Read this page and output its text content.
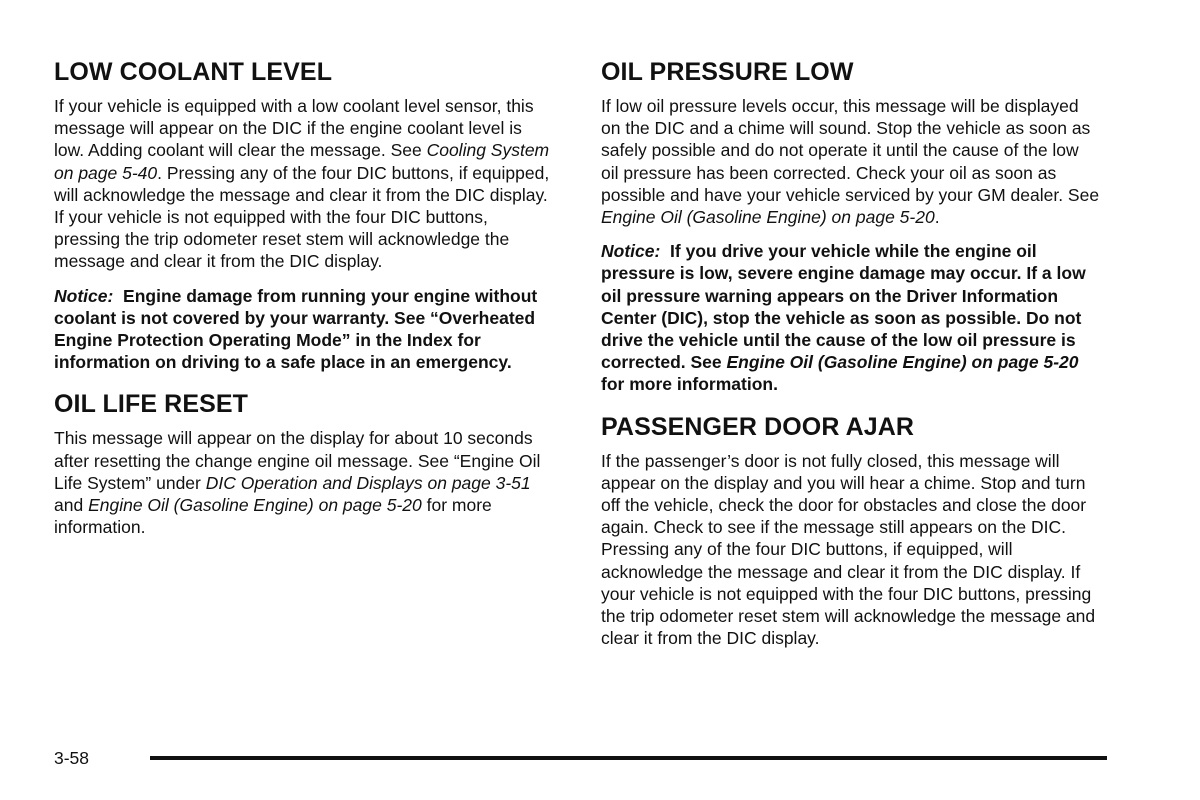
LOW COOLANT LEVEL

If your vehicle is equipped with a low coolant level sensor, this message will appear on the DIC if the engine coolant level is low. Adding coolant will clear the message. See Cooling System on page 5-40. Pressing any of the four DIC buttons, if equipped, will acknowledge the message and clear it from the DIC display. If your vehicle is not equipped with the four DIC buttons, pressing the trip odometer reset stem will acknowledge the message and clear it from the DIC display.

Notice: Engine damage from running your engine without coolant is not covered by your warranty. See “Overheated Engine Protection Operating Mode” in the Index for information on driving to a safe place in an emergency.

OIL LIFE RESET

This message will appear on the display for about 10 seconds after resetting the change engine oil message. See “Engine Oil Life System” under DIC Operation and Displays on page 3-51 and Engine Oil (Gasoline Engine) on page 5-20 for more information.

OIL PRESSURE LOW

If low oil pressure levels occur, this message will be displayed on the DIC and a chime will sound. Stop the vehicle as soon as safely possible and do not operate it until the cause of the low oil pressure has been corrected. Check your oil as soon as possible and have your vehicle serviced by your GM dealer. See Engine Oil (Gasoline Engine) on page 5-20.

Notice: If you drive your vehicle while the engine oil pressure is low, severe engine damage may occur. If a low oil pressure warning appears on the Driver Information Center (DIC), stop the vehicle as soon as possible. Do not drive the vehicle until the cause of the low oil pressure is corrected. See Engine Oil (Gasoline Engine) on page 5-20 for more information.

PASSENGER DOOR AJAR

If the passenger’s door is not fully closed, this message will appear on the display and you will hear a chime. Stop and turn off the vehicle, check the door for obstacles and close the door again. Check to see if the message still appears on the DIC. Pressing any of the four DIC buttons, if equipped, will acknowledge the message and clear it from the DIC display. If your vehicle is not equipped with the four DIC buttons, pressing the trip odometer reset stem will acknowledge the message and clear it from the DIC display.

3-58
